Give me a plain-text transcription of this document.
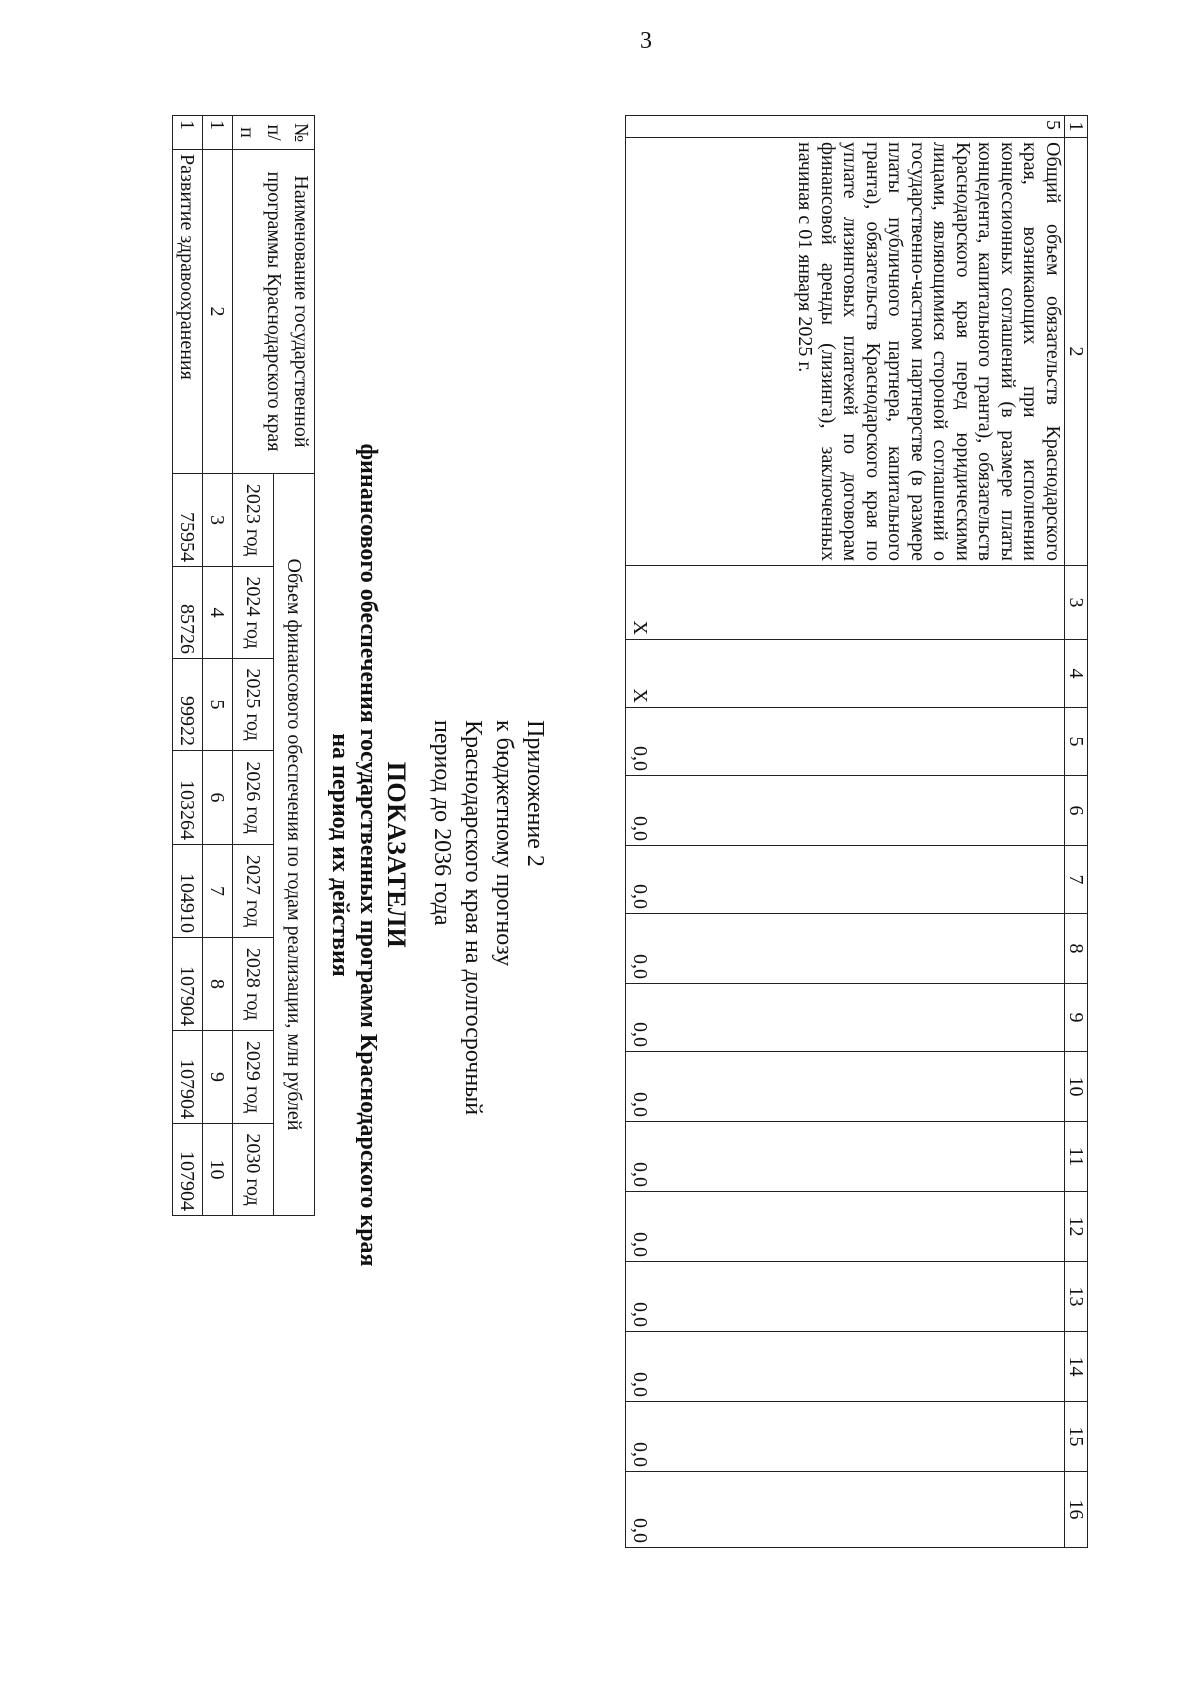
3
1	2	3	4	5	6	7	8	9	10	11	12	13	14	15	16
5	Общий объем обязательств Краснодарского края, возникающих при исполнении концессионных соглашений (в размере платы концедента, капитального гранта), обязательств Краснодарского края перед юридическими лицами, являющимися стороной соглашений о государственно-частном партнерстве (в размере платы публичного партнера, капитального гранта), обязательств Краснодарского края по уплате лизинговых платежей по договорам финансовой аренды (лизинга), заключенных начиная с 01 января 2025 г.	X	X	0,0	0,0	0,0	0,0	0,0	0,0	0,0	0,0	0,0	0,0	0,0	0,0
Приложение 2
к бюджетному прогнозу
Краснодарского края на долгосрочный
период до 2036 года
ПОКАЗАТЕЛИ
финансового обеспечения государственных программ Краснодарского края
на период их действия
№ п/п	Наименование государственной программы Краснодарского края	Объем финансового обеспечения по годам реализации, млн рублей							
		2023 год	2024 год	2025 год	2026 год	2027 год	2028 год	2029 год	2030 год
1	2	3	4	5	6	7	8	9	10
1	Развитие здравоохранения	75954	85726	99922	103264	104910	107904	107904	107904
